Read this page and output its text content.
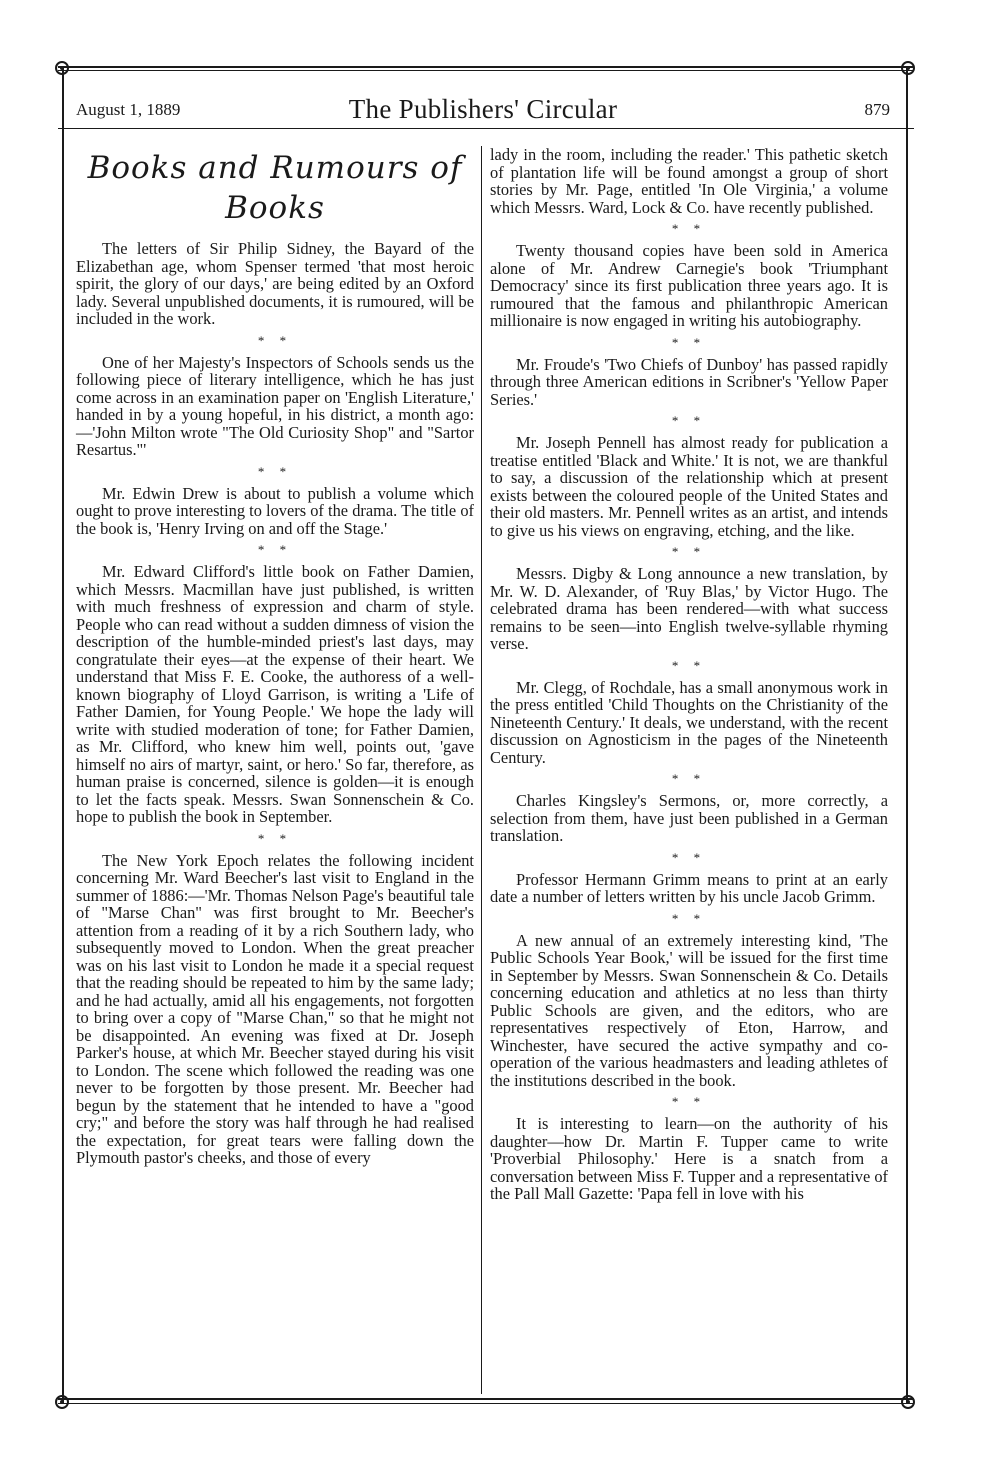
August 1, 1889	The Publishers' Circular	879
Books and Rumours of Books

The letters of Sir Philip Sidney, the Bayard of the Elizabethan age, whom Spenser termed 'that most heroic spirit, the glory of our days,' are being edited by an Oxford lady. Several unpublished documents, it is rumoured, will be included in the work.

* *

One of her Majesty's Inspectors of Schools sends us the following piece of literary intelligence, which he has just come across in an examination paper on 'English Literature,' handed in by a young hopeful, in his district, a month ago:—'John Milton wrote "The Old Curiosity Shop" and "Sartor Resartus."'

* *

Mr. Edwin Drew is about to publish a volume which ought to prove interesting to lovers of the drama. The title of the book is, 'Henry Irving on and off the Stage.'

* *

Mr. Edward Clifford's little book on Father Damien, which Messrs. Macmillan have just published, is written with much freshness of expression and charm of style. People who can read without a sudden dimness of vision the description of the humble-minded priest's last days, may congratulate their eyes—at the expense of their heart. We understand that Miss F. E. Cooke, the authoress of a well-known biography of Lloyd Garrison, is writing a 'Life of Father Damien, for Young People.' We hope the lady will write with studied moderation of tone; for Father Damien, as Mr. Clifford, who knew him well, points out, 'gave himself no airs of martyr, saint, or hero.' So far, therefore, as human praise is concerned, silence is golden—it is enough to let the facts speak. Messrs. Swan Sonnenschein & Co. hope to publish the book in September.

* *

The New York Epoch relates the following incident concerning Mr. Ward Beecher's last visit to England in the summer of 1886:—'Mr. Thomas Nelson Page's beautiful tale of "Marse Chan" was first brought to Mr. Beecher's attention from a reading of it by a rich Southern lady, who subsequently moved to London. When the great preacher was on his last visit to London he made it a special request that the reading should be repeated to him by the same lady; and he had actually, amid all his engagements, not forgotten to bring over a copy of "Marse Chan," so that he might not be disappointed. An evening was fixed at Dr. Joseph Parker's house, at which Mr. Beecher stayed during his visit to London. The scene which followed the reading was one never to be forgotten by those present. Mr. Beecher had begun by the statement that he intended to have a "good cry;" and before the story was half through he had realised the expectation, for great tears were falling down the Plymouth pastor's cheeks, and those of every

lady in the room, including the reader.' This pathetic sketch of plantation life will be found amongst a group of short stories by Mr. Page, entitled 'In Ole Virginia,' a volume which Messrs. Ward, Lock & Co. have recently published.

* *

Twenty thousand copies have been sold in America alone of Mr. Andrew Carnegie's book 'Triumphant Democracy' since its first publication three years ago. It is rumoured that the famous and philanthropic American millionaire is now engaged in writing his autobiography.

* *

Mr. Froude's 'Two Chiefs of Dunboy' has passed rapidly through three American editions in Scribner's 'Yellow Paper Series.'

* *

Mr. Joseph Pennell has almost ready for publication a treatise entitled 'Black and White.' It is not, we are thankful to say, a discussion of the relationship which at present exists between the coloured people of the United States and their old masters. Mr. Pennell writes as an artist, and intends to give us his views on engraving, etching, and the like.

* *

Messrs. Digby & Long announce a new translation, by Mr. W. D. Alexander, of 'Ruy Blas,' by Victor Hugo. The celebrated drama has been rendered—with what success remains to be seen—into English twelve-syllable rhyming verse.

* *

Mr. Clegg, of Rochdale, has a small anonymous work in the press entitled 'Child Thoughts on the Christianity of the Nineteenth Century.' It deals, we understand, with the recent discussion on Agnosticism in the pages of the Nineteenth Century.

* *

Charles Kingsley's Sermons, or, more correctly, a selection from them, have just been published in a German translation.

* *

Professor Hermann Grimm means to print at an early date a number of letters written by his uncle Jacob Grimm.

* *

A new annual of an extremely interesting kind, 'The Public Schools Year Book,' will be issued for the first time in September by Messrs. Swan Sonnenschein & Co. Details concerning education and athletics at no less than thirty Public Schools are given, and the editors, who are representatives respectively of Eton, Harrow, and Winchester, have secured the active sympathy and co-operation of the various headmasters and leading athletes of the institutions described in the book.

* *

It is interesting to learn—on the authority of his daughter—how Dr. Martin F. Tupper came to write 'Proverbial Philosophy.' Here is a snatch from a conversation between Miss F. Tupper and a representative of the Pall Mall Gazette: 'Papa fell in love with his
